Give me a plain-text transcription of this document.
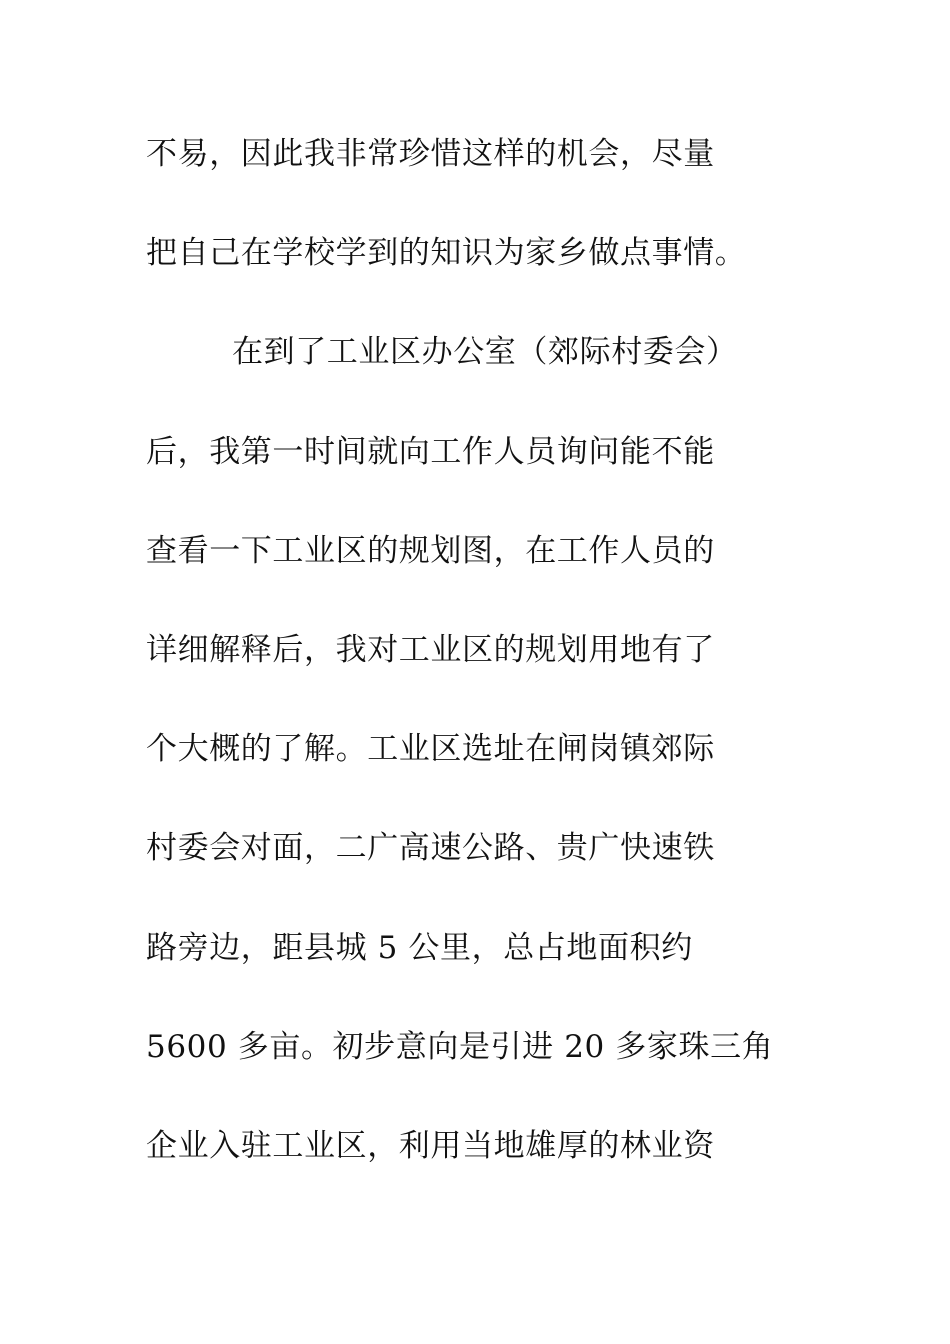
不易，因此我非常珍惜这样的机会，尽量
把自己在学校学到的知识为家乡做点事情。
在到了工业区办公室（郊际村委会）
后，我第一时间就向工作人员询问能不能
查看一下工业区的规划图，在工作人员的
详细解释后，我对工业区的规划用地有了
个大概的了解。工业区选址在闸岗镇郊际
村委会对面，二广高速公路、贵广快速铁
路旁边，距县城 5 公里，总占地面积约
5600 多亩。初步意向是引进 20 多家珠三角
企业入驻工业区，利用当地雄厚的林业资
